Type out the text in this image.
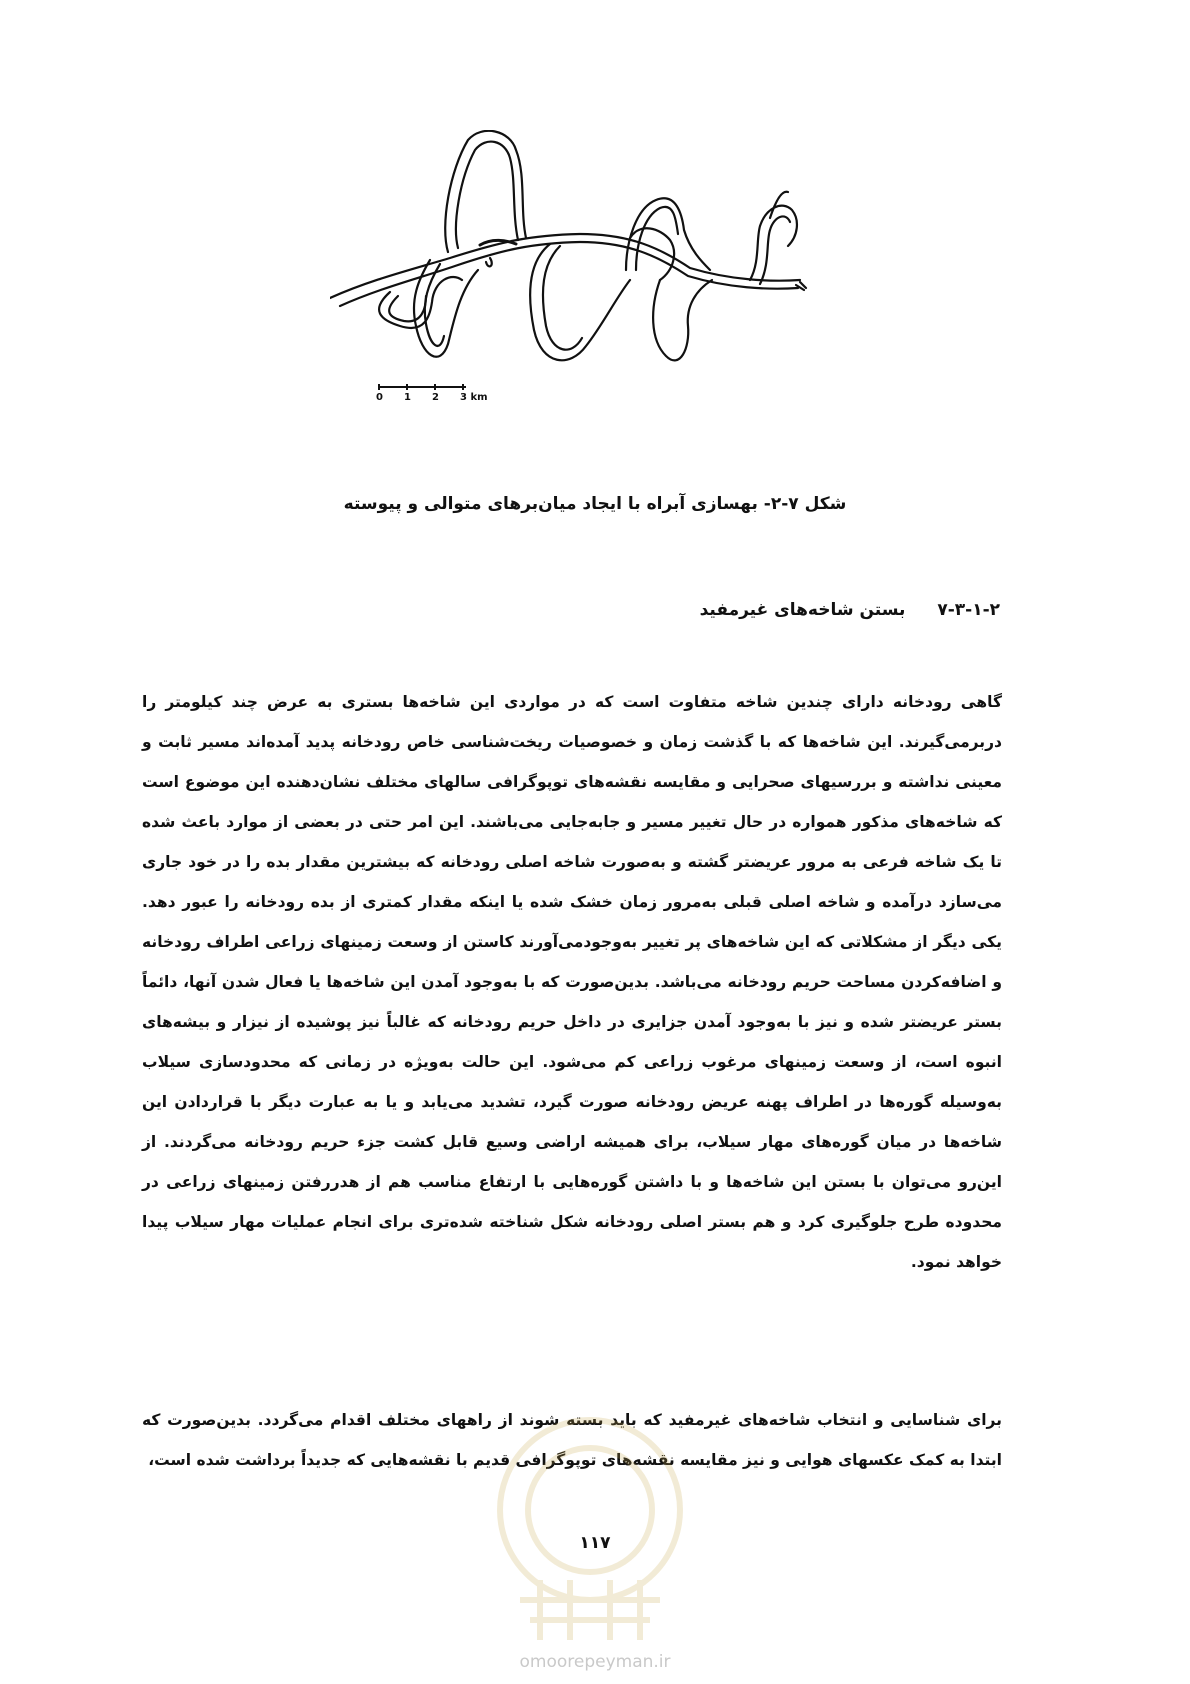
0 1 2 3 km
شکل ۷-۲- بهسازی آبراه با ایجاد میان‌برهای متوالی و پیوسته
۷-۳-۱-۲ بستن شاخه‌های غیرمفید

گاهی رودخانه دارای چندین شاخه متفاوت است که در مواردی این شاخه‌ها بستری به عرض چند کیلومتر را دربرمی‌گیرند. این شاخه‌ها که با گذشت زمان و خصوصیات ریخت‌شناسی خاص رودخانه پدید آمده‌اند مسیر ثابت و معینی نداشته و بررسیهای صحرایی و مقایسه نقشه‌های توپوگرافی سالهای مختلف نشان‌دهنده این موضوع است که شاخه‌های مذکور همواره در حال تغییر مسیر و جابه‌جایی می‌باشند. این امر حتی در بعضی از موارد باعث شده تا یک شاخه فرعی به مرور عریضتر گشته و به‌صورت شاخه اصلی رودخانه که بیشترین مقدار بده را در خود جاری می‌سازد درآمده و شاخه اصلی قبلی به‌مرور زمان خشک شده یا اینکه مقدار کمتری از بده رودخانه را عبور دهد. یکی دیگر از مشکلاتی که این شاخه‌های پر تغییر به‌وجودمی‌آورند کاستن از وسعت زمینهای زراعی اطراف رودخانه و اضافه‌کردن مساحت حریم رودخانه می‌باشد. بدین‌صورت که با به‌وجود آمدن این شاخه‌ها یا فعال شدن آنها، دائماً بستر عریضتر شده و نیز با به‌وجود آمدن جزایری در داخل حریم رودخانه که غالباً نیز پوشیده از نیزار و بیشه‌های انبوه است، از وسعت زمینهای مرغوب زراعی کم می‌شود. این حالت به‌ویژه در زمانی که محدودسازی سیلاب به‌وسیله گوره‌ها در اطراف پهنه عریض رودخانه صورت گیرد، تشدید می‌یابد و یا به عبارت دیگر با قراردادن این شاخه‌ها در میان گوره‌های مهار سیلاب، برای همیشه اراضی وسیع قابل کشت جزء حریم رودخانه می‌گردند. از این‌رو می‌توان با بستن این شاخه‌ها و با داشتن گوره‌هایی با ارتفاع مناسب هم از هدررفتن زمینهای زراعی در محدوده طرح جلوگیری کرد و هم بستر اصلی رودخانه شکل شناخته شده‌تری برای انجام عملیات مهار سیلاب پیدا خواهد نمود.

برای شناسایی و انتخاب شاخه‌های غیرمفید که باید بسته شوند از راههای مختلف اقدام می‌گردد. بدین‌صورت که ابتدا به کمک عکسهای هوایی و نیز مقایسه نقشه‌های توپوگرافی قدیم با نقشه‌هایی که جدیداً برداشت شده است،

۱۱۷
omoorepeyman.ir
